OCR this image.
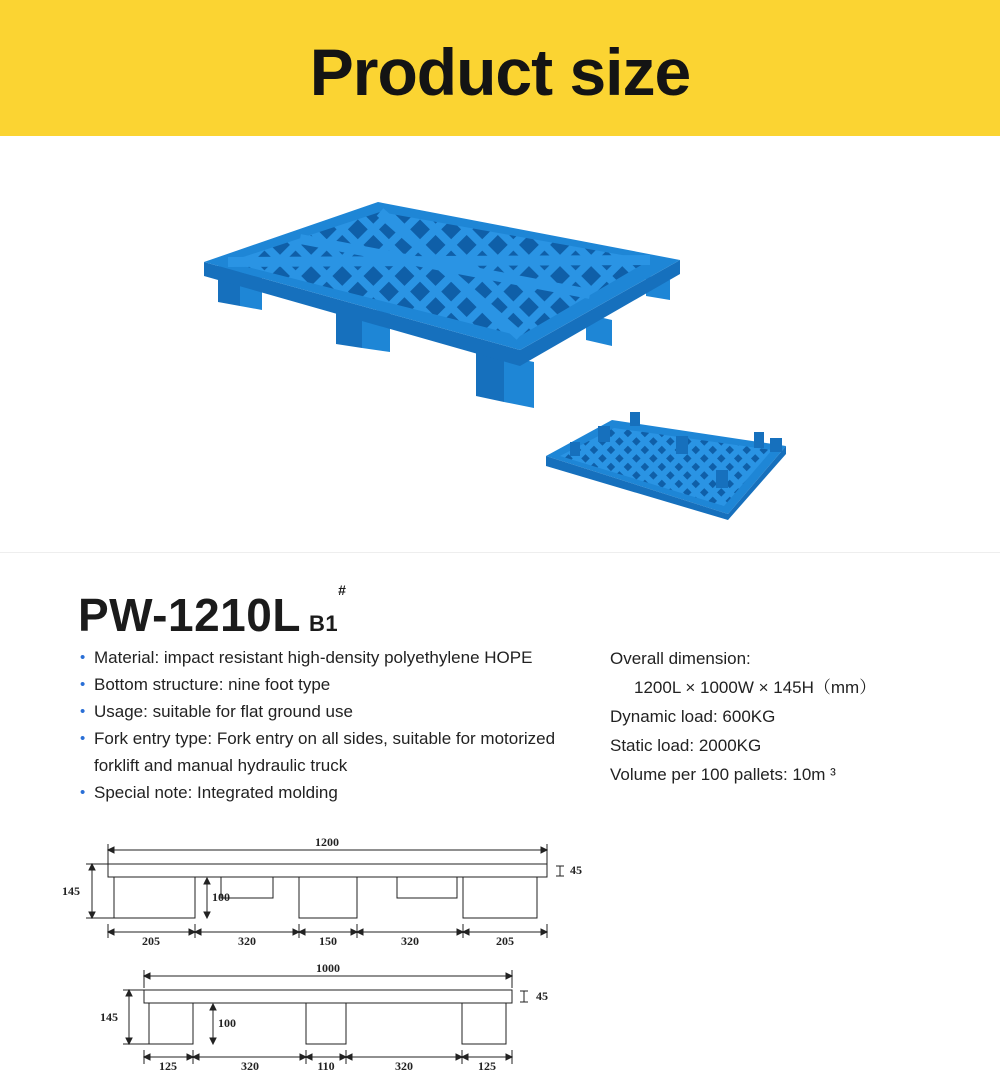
Product size
PW-1210L B1#
• Material: impact resistant high-density polyethylene HOPE
• Bottom structure: nine foot type
• Usage: suitable for flat ground use
• Fork entry type: Fork entry on all sides, suitable for motorized forklift and manual hydraulic truck
• Special note: Integrated molding
Overall dimension:
1200L × 1000W × 145H（mm）
Dynamic load: 600KG
Static load: 2000KG
Volume per 100 pallets: 10m ³
1200
145	100
45
205	320	150	320	205
1000
145	100
45
125	320	110	320	125
